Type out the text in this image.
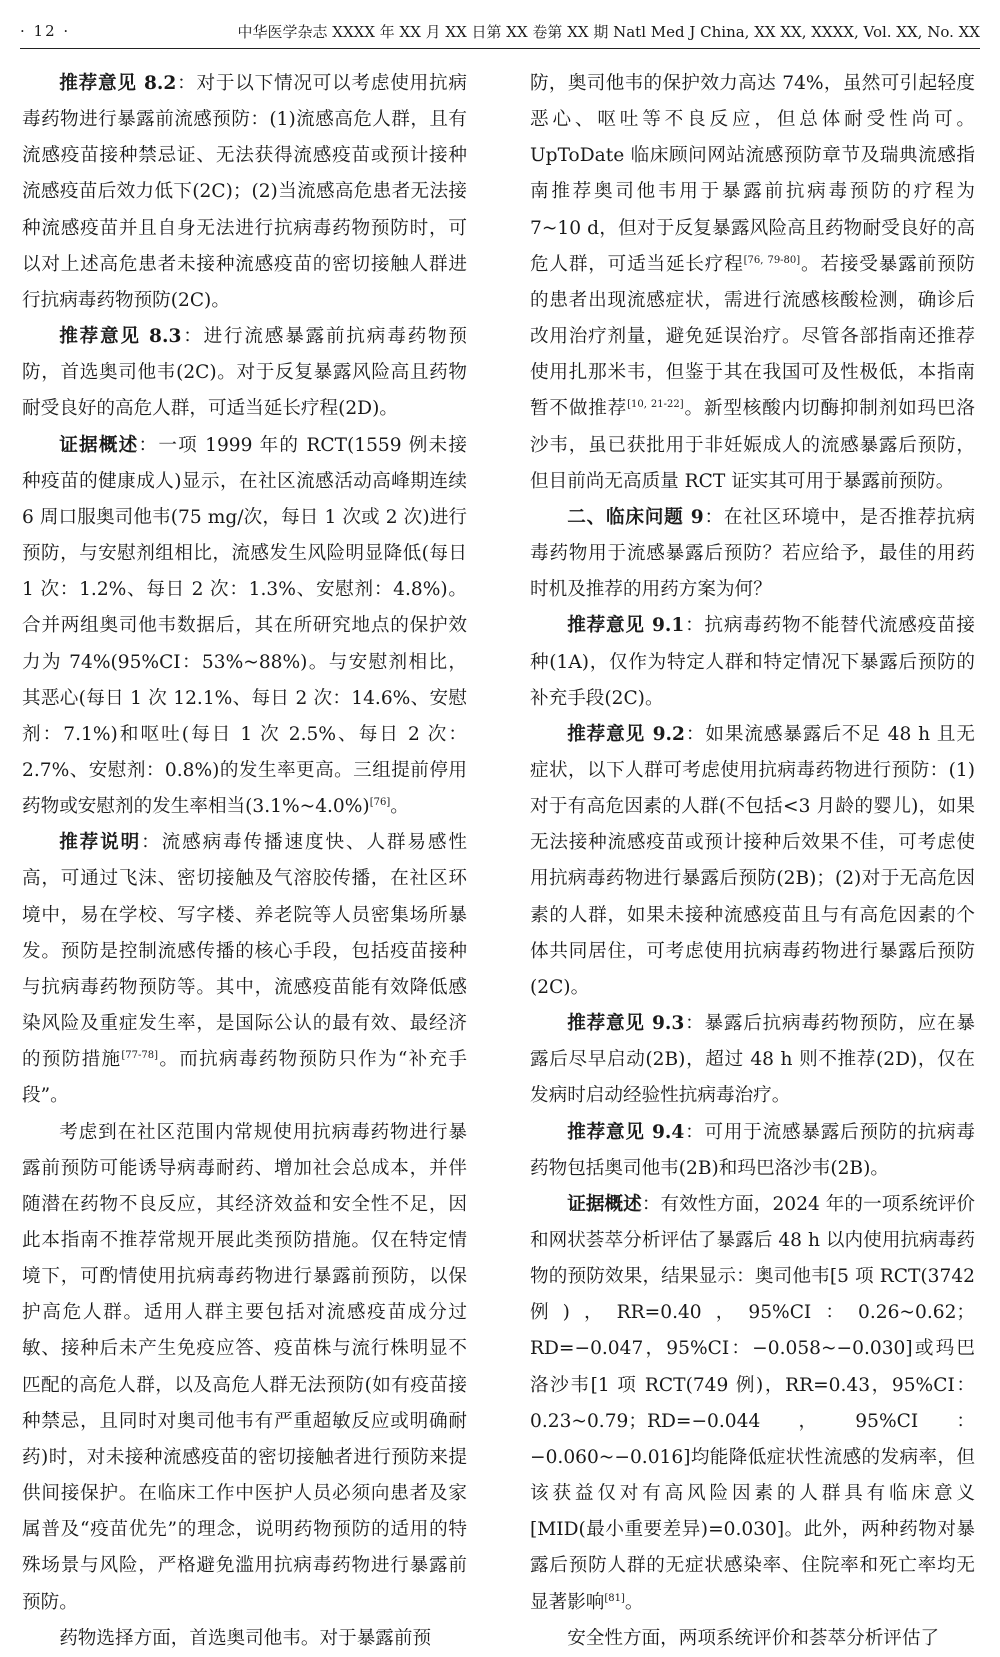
· 12 ·	中华医学杂志 XXXX 年 XX 月 XX 日第 XX 卷第 XX 期 Natl Med J China, XX XX, XXXX, Vol. XX, No. XX

推荐意见 8.2：对于以下情况可以考虑使用抗病毒药物进行暴露前流感预防：(1)流感高危人群，且有流感疫苗接种禁忌证、无法获得流感疫苗或预计接种流感疫苗后效力低下(2C)；(2)当流感高危患者无法接种流感疫苗并且自身无法进行抗病毒药物预防时，可以对上述高危患者未接种流感疫苗的密切接触人群进行抗病毒药物预防(2C)。

推荐意见 8.3：进行流感暴露前抗病毒药物预防，首选奥司他韦(2C)。对于反复暴露风险高且药物耐受良好的高危人群，可适当延长疗程(2D)。

证据概述：一项 1999 年的 RCT(1559 例未接种疫苗的健康成人)显示，在社区流感活动高峰期连续 6 周口服奥司他韦(75 mg/次，每日 1 次或 2 次)进行预防，与安慰剂组相比，流感发生风险明显降低(每日 1 次：1.2%、每日 2 次：1.3%、安慰剂：4.8%)。合并两组奥司他韦数据后，其在所研究地点的保护效力为 74%(95%CI：53%~88%)。与安慰剂相比，其恶心(每日 1 次 12.1%、每日 2 次：14.6%、安慰剂：7.1%)和呕吐(每日 1 次 2.5%、每日 2 次：2.7%、安慰剂：0.8%)的发生率更高。三组提前停用药物或安慰剂的发生率相当(3.1%~4.0%)[76]。

推荐说明：流感病毒传播速度快、人群易感性高，可通过飞沫、密切接触及气溶胶传播，在社区环境中，易在学校、写字楼、养老院等人员密集场所暴发。预防是控制流感传播的核心手段，包括疫苗接种与抗病毒药物预防等。其中，流感疫苗能有效降低感染风险及重症发生率，是国际公认的最有效、最经济的预防措施[77-78]。而抗病毒药物预防只作为“补充手段”。

考虑到在社区范围内常规使用抗病毒药物进行暴露前预防可能诱导病毒耐药、增加社会总成本，并伴随潜在药物不良反应，其经济效益和安全性不足，因此本指南不推荐常规开展此类预防措施。仅在特定情境下，可酌情使用抗病毒药物进行暴露前预防，以保护高危人群。适用人群主要包括对流感疫苗成分过敏、接种后未产生免疫应答、疫苗株与流行株明显不匹配的高危人群，以及高危人群无法预防(如有疫苗接种禁忌，且同时对奥司他韦有严重超敏反应或明确耐药)时，对未接种流感疫苗的密切接触者进行预防来提供间接保护。在临床工作中医护人员必须向患者及家属普及“疫苗优先”的理念，说明药物预防的适用的特殊场景与风险，严格避免滥用抗病毒药物进行暴露前预防。

药物选择方面，首选奥司他韦。对于暴露前预

防，奥司他韦的保护效力高达 74%，虽然可引起轻度恶心、呕吐等不良反应，但总体耐受性尚可。UpToDate 临床顾问网站流感预防章节及瑞典流感指南推荐奥司他韦用于暴露前抗病毒预防的疗程为 7~10 d，但对于反复暴露风险高且药物耐受良好的高危人群，可适当延长疗程[76, 79-80]。若接受暴露前预防的患者出现流感症状，需进行流感核酸检测，确诊后改用治疗剂量，避免延误治疗。尽管各部指南还推荐使用扎那米韦，但鉴于其在我国可及性极低，本指南暂不做推荐[10, 21-22]。新型核酸内切酶抑制剂如玛巴洛沙韦，虽已获批用于非妊娠成人的流感暴露后预防，但目前尚无高质量 RCT 证实其可用于暴露前预防。

二、临床问题 9：在社区环境中，是否推荐抗病毒药物用于流感暴露后预防？若应给予，最佳的用药时机及推荐的用药方案为何？

推荐意见 9.1：抗病毒药物不能替代流感疫苗接种(1A)，仅作为特定人群和特定情况下暴露后预防的补充手段(2C)。

推荐意见 9.2：如果流感暴露后不足 48 h 且无症状，以下人群可考虑使用抗病毒药物进行预防：(1)对于有高危因素的人群(不包括<3 月龄的婴儿)，如果无法接种流感疫苗或预计接种后效果不佳，可考虑使用抗病毒药物进行暴露后预防(2B)；(2)对于无高危因素的人群，如果未接种流感疫苗且与有高危因素的个体共同居住，可考虑使用抗病毒药物进行暴露后预防(2C)。

推荐意见 9.3：暴露后抗病毒药物预防，应在暴露后尽早启动(2B)，超过 48 h 则不推荐(2D)，仅在发病时启动经验性抗病毒治疗。

推荐意见 9.4：可用于流感暴露后预防的抗病毒药物包括奥司他韦(2B)和玛巴洛沙韦(2B)。

证据概述：有效性方面，2024 年的一项系统评价和网状荟萃分析评估了暴露后 48 h 以内使用抗病毒药物的预防效果，结果显示：奥司他韦[5 项 RCT(3742 例)，RR=0.40，95%CI：0.26~0.62；RD=−0.047，95%CI：−0.058~−0.030]或玛巴洛沙韦[1 项 RCT(749 例)，RR=0.43，95%CI：0.23~0.79；RD=−0.044，95%CI：−0.060~−0.016]均能降低症状性流感的发病率，但该获益仅对有高风险因素的人群具有临床意义[MID(最小重要差异)=0.030]。此外，两种药物对暴露后预防人群的无症状感染率、住院率和死亡率均无显著影响[81]。

安全性方面，两项系统评价和荟萃分析评估了
